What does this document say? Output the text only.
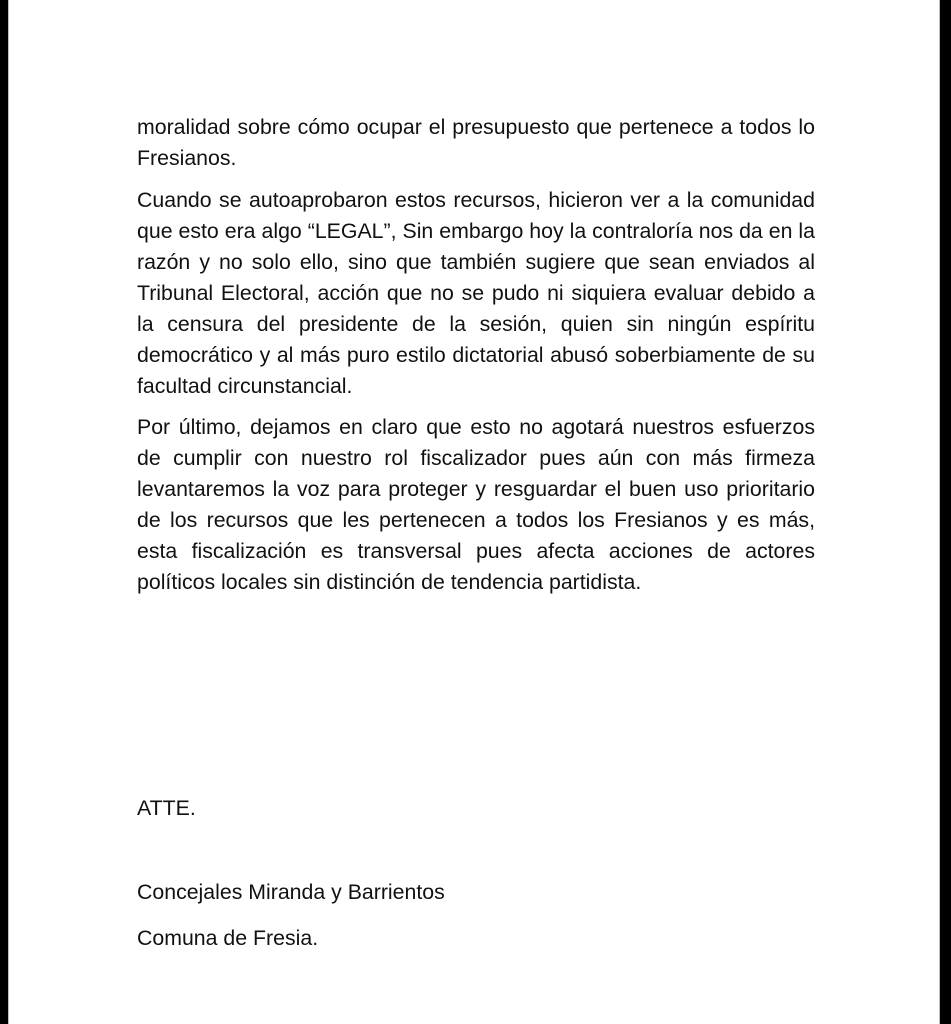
moralidad sobre cómo ocupar el presupuesto que pertenece a todos lo Fresianos.

Cuando se autoaprobaron estos recursos, hicieron ver a la comunidad que esto era algo “LEGAL”, Sin embargo hoy la contraloría nos da en la razón y no solo ello, sino que también sugiere que sean enviados al Tribunal Electoral, acción que no se pudo ni siquiera evaluar debido a la censura del presidente de la sesión, quien sin ningún espíritu democrático y al más puro estilo dictatorial abusó soberbiamente de su facultad circunstancial.

Por último, dejamos en claro que esto no agotará nuestros esfuerzos de cumplir con nuestro rol fiscalizador pues aún con más firmeza levantaremos la voz para proteger y resguardar el buen uso prioritario de los recursos que les pertenecen a todos los Fresianos y es más, esta fiscalización es transversal pues afecta acciones de actores políticos locales sin distinción de tendencia partidista.

ATTE.

Concejales Miranda y Barrientos

Comuna de Fresia.
